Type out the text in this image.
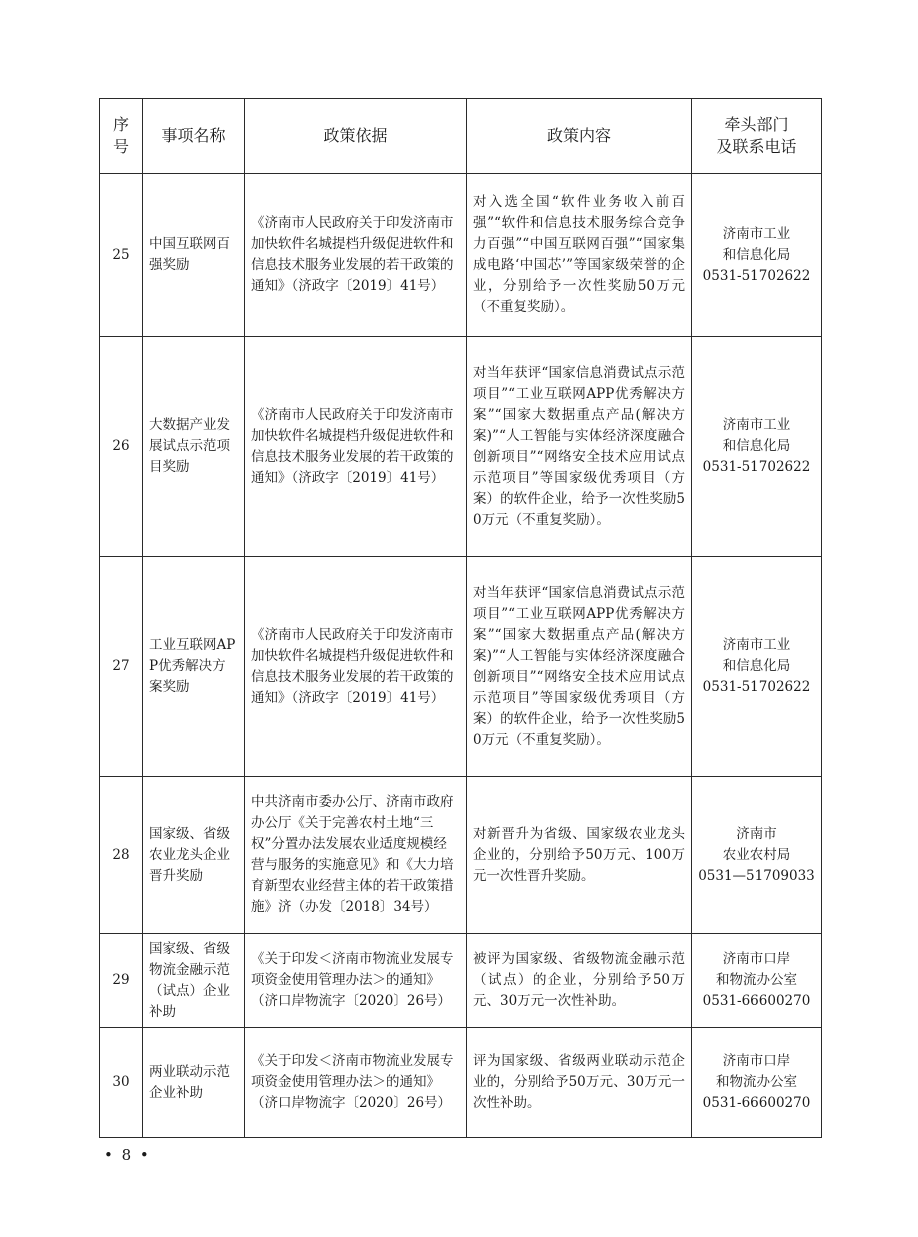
序号	事项名称	政策依据	政策内容	牵头部门
及联系电话

25	中国互联网百强奖励	《济南市人民政府关于印发济南市加快软件名城提档升级促进软件和信息技术服务业发展的若干政策的通知》（济政字〔2019〕41号）	对入选全国“软件业务收入前百强”“软件和信息技术服务综合竞争力百强”“中国互联网百强”“国家集成电路‘中国芯’”等国家级荣誉的企业，分别给予一次性奖励50万元（不重复奖励）。	济南市工业
和信息化局
0531-51702622

26	大数据产业发展试点示范项目奖励	《济南市人民政府关于印发济南市加快软件名城提档升级促进软件和信息技术服务业发展的若干政策的通知》（济政字〔2019〕41号）	对当年获评“国家信息消费试点示范项目”“工业互联网APP优秀解决方案”“国家大数据重点产品(解决方案)”“人工智能与实体经济深度融合创新项目”“网络安全技术应用试点示范项目”等国家级优秀项目（方案）的软件企业，给予一次性奖励50万元（不重复奖励）。	济南市工业
和信息化局
0531-51702622

27	工业互联网APP优秀解决方案奖励	《济南市人民政府关于印发济南市加快软件名城提档升级促进软件和信息技术服务业发展的若干政策的通知》（济政字〔2019〕41号）	对当年获评“国家信息消费试点示范项目”“工业互联网APP优秀解决方案”“国家大数据重点产品(解决方案)”“人工智能与实体经济深度融合创新项目”“网络安全技术应用试点示范项目”等国家级优秀项目（方案）的软件企业，给予一次性奖励50万元（不重复奖励）。	济南市工业
和信息化局
0531-51702622

28	国家级、省级农业龙头企业晋升奖励	中共济南市委办公厅、济南市政府办公厅《关于完善农村土地“三权”分置办法发展农业适度规模经营与服务的实施意见》和《大力培育新型农业经营主体的若干政策措施》济（办发〔2018〕34号）	对新晋升为省级、国家级农业龙头企业的，分别给予50万元、100万元一次性晋升奖励。	济南市
农业农村局
0531—51709033

29	国家级、省级物流金融示范（试点）企业补助	《关于印发＜济南市物流业发展专项资金使用管理办法＞的通知》（济口岸物流字〔2020〕26号）	被评为国家级、省级物流金融示范（试点）的企业，分别给予50万元、30万元一次性补助。	济南市口岸
和物流办公室
0531-66600270

30	两业联动示范企业补助	《关于印发＜济南市物流业发展专项资金使用管理办法＞的通知》（济口岸物流字〔2020〕26号）	评为国家级、省级两业联动示范企业的，分别给予50万元、30万元一次性补助。	济南市口岸
和物流办公室
0531-66600270
• 8 •
